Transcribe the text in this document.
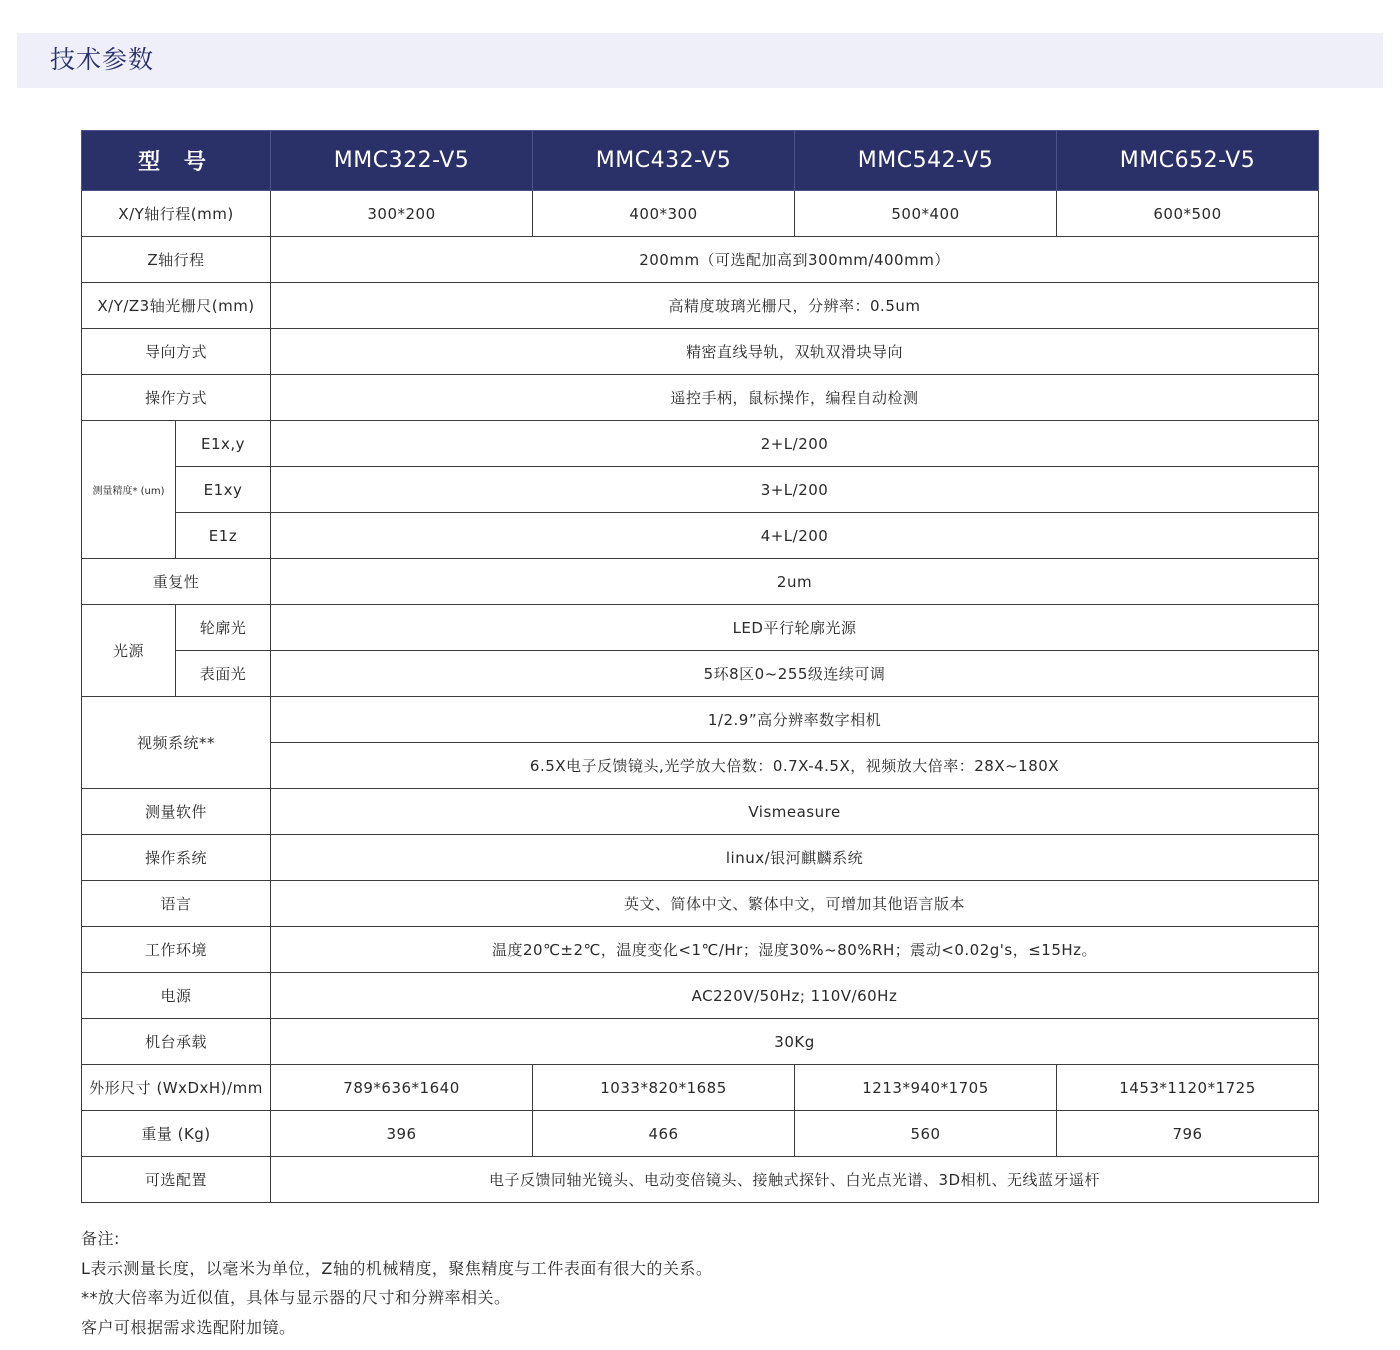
技术参数
型 号		MMC322-V5	MMC432-V5	MMC542-V5	MMC652-V5
X/Y轴行程(mm)		300*200	400*300	500*400	600*500
Z轴行程		200mm（可选配加高到300mm/400mm）			
X/Y/Z3轴光栅尺(mm)		高精度玻璃光栅尺，分辨率：0.5um			
导向方式		精密直线导轨，双轨双滑块导向			
操作方式		遥控手柄，鼠标操作，编程自动检测			
测量精度* (um)	E1x,y	2+L/200			
	E1xy	3+L/200			
	E1z	4+L/200			
重复性		2um			
光源	轮廓光	LED平行轮廓光源			
	表面光	5环8区0~255级连续可调			
视频系统**		1/2.9”高分辨率数字相机			
		6.5X电子反馈镜头,光学放大倍数：0.7X-4.5X，视频放大倍率：28X~180X			
测量软件		Vismeasure			
操作系统		linux/银河麒麟系统			
语言		英文、简体中文、繁体中文，可增加其他语言版本			
工作环境		温度20℃±2℃，温度变化<1℃/Hr；湿度30%~80%RH；震动<0.02g's，≤15Hz。			
电源		AC220V/50Hz; 110V/60Hz			
机台承载		30Kg			
外形尺寸 (WxDxH)/mm		789*636*1640	1033*820*1685	1213*940*1705	1453*1120*1725
重量 (Kg)		396	466	560	796
可选配置		电子反馈同轴光镜头、电动变倍镜头、接触式探针、白光点光谱、3D相机、无线蓝牙遥杆			
备注:
L表示测量长度，以毫米为单位，Z轴的机械精度，聚焦精度与工件表面有很大的关系。
**放大倍率为近似值，具体与显示器的尺寸和分辨率相关。
客户可根据需求选配附加镜。
